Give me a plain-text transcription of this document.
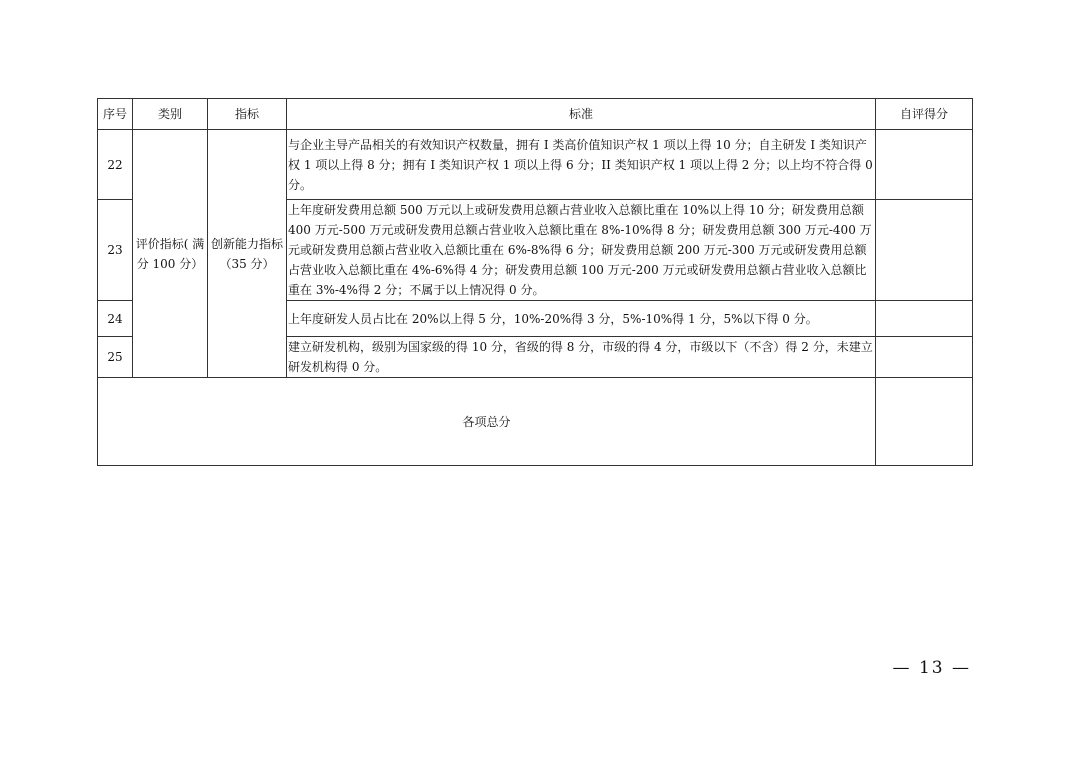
序号	类别	指标	标准	自评得分
22	评价指标( 满分 100 分）	创新能力指标（35 分）	与企业主导产品相关的有效知识产权数量，拥有 I 类高价值知识产权 1 项以上得 10 分；自主研发 I 类知识产权 1 项以上得 8 分；拥有 I 类知识产权 1 项以上得 6 分；II 类知识产权 1 项以上得 2 分；以上均不符合得 0 分。	
23			上年度研发费用总额 500 万元以上或研发费用总额占营业收入总额比重在 10%以上得 10 分；研发费用总额 400 万元-500 万元或研发费用总额占营业收入总额比重在 8%-10%得 8 分；研发费用总额 300 万元-400 万元或研发费用总额占营业收入总额比重在 6%-8%得 6 分；研发费用总额 200 万元-300 万元或研发费用总额占营业收入总额比重在 4%-6%得 4 分；研发费用总额 100 万元-200 万元或研发费用总额占营业收入总额比重在 3%-4%得 2 分；不属于以上情况得 0 分。	
24			上年度研发人员占比在 20%以上得 5 分，10%-20%得 3 分，5%-10%得 1 分，5%以下得 0 分。	
25			建立研发机构，级别为国家级的得 10 分，省级的得 8 分，市级的得 4 分，市级以下（不含）得 2 分，未建立研发机构得 0 分。	
各项总分				
— 13 —
